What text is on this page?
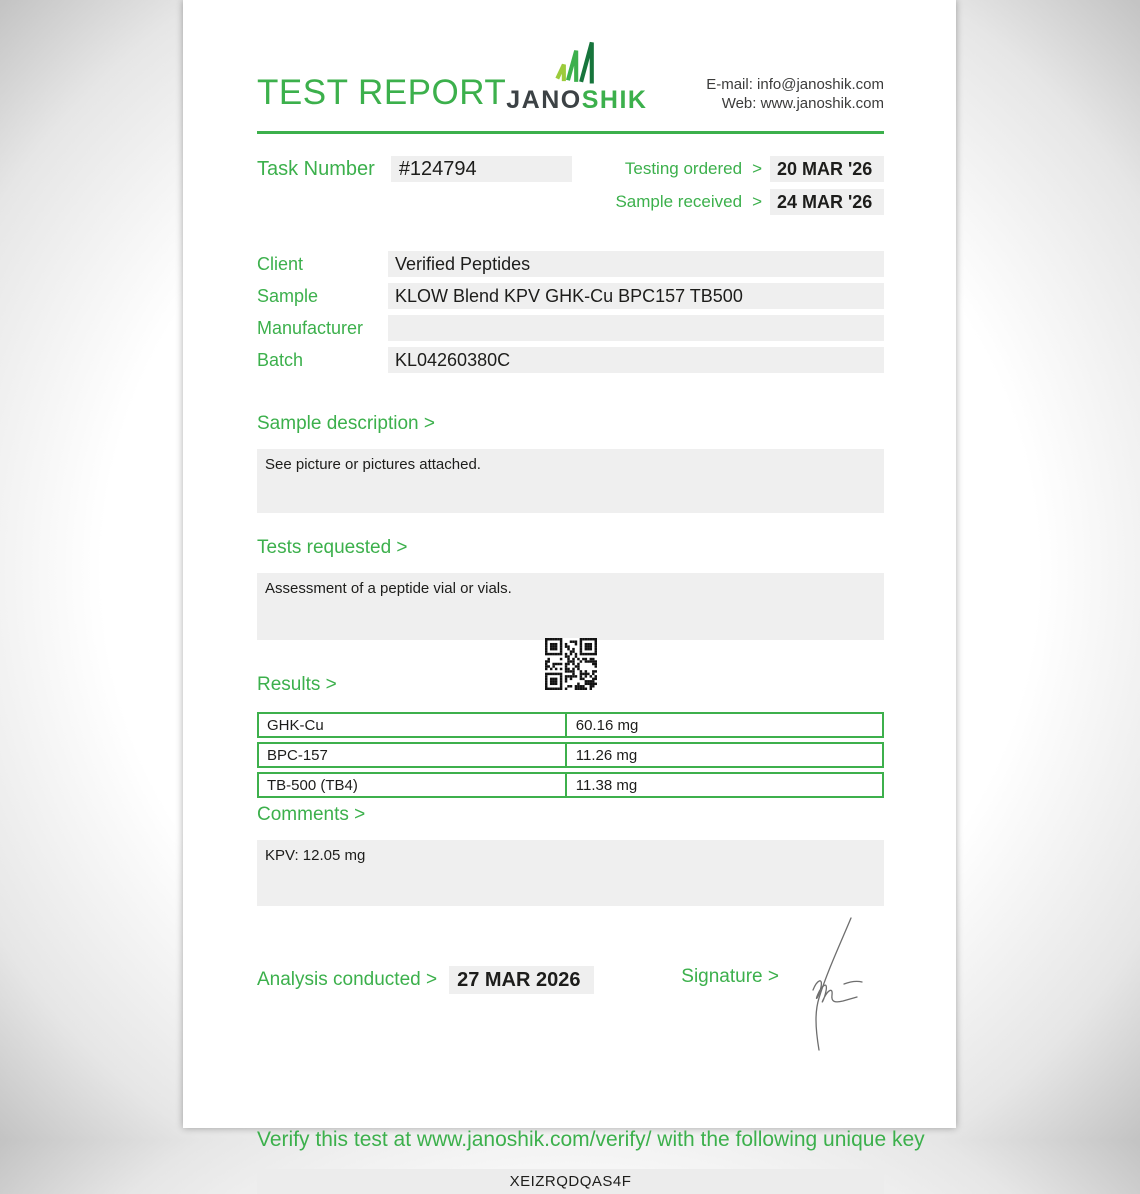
TEST REPORT JANOSHIK
E-mail: info@janoshik.com
Web: www.janoshik.com
Task Number	#124794	Testing ordered > 20 MAR '26
Sample received > 24 MAR '26
Client	Verified Peptides
Sample	KLOW Blend KPV GHK-Cu BPC157 TB500
Manufacturer
Batch	KL04260380C
Sample description >
See picture or pictures attached.
Tests requested >
Assessment of a peptide vial or vials.
Results >
GHK-Cu	60.16 mg
BPC-157	11.26 mg
TB-500 (TB4)	11.38 mg
Comments >
KPV: 12.05 mg
Analysis conducted >	27 MAR 2026	Signature >
Verify this test at www.janoshik.com/verify/ with the following unique key
XEIZRQDQAS4F
